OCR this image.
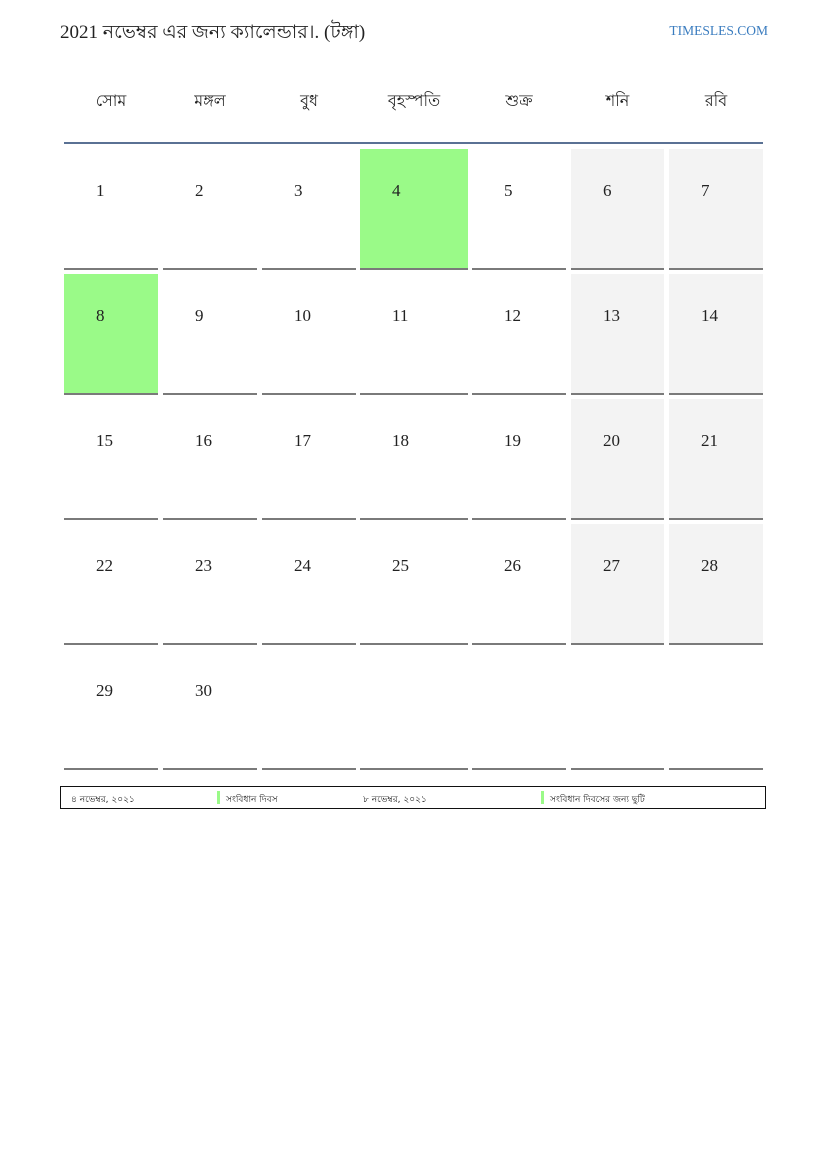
2021 নভেম্বর এর জন্য ক্যালেন্ডার।. (টঙ্গা)	TIMESLES.COM
সোম	মঙ্গল	বুধ	বৃহস্পতি	শুক্র	শনি	রবি
1	2	3	4	5	6	7
8	9	10	11	12	13	14
15	16	17	18	19	20	21
22	23	24	25	26	27	28
29	30
৪ নভেম্বর, ২০২১	সংবিধান দিবস	৮ নভেম্বর, ২০২১	সংবিধান দিবসের জন্য ছুটি
